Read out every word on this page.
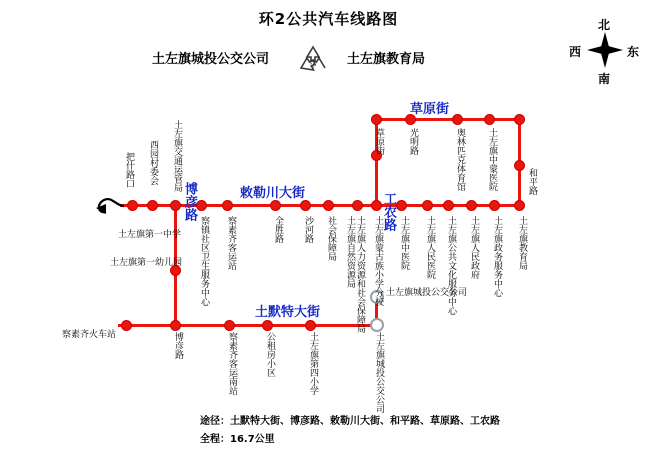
环2公共汽车线路图
土左旗城投公交公司	土左旗教育局
环
北
南
东
西
博彦路	敕勒川大街
土默特大街
草原街
工农路
把什路口 西园村委会 土左旗交通运管局
土左旗第一中学
土左旗第一幼儿园 察镇社区卫生服务中心 察素齐客运站	全胜路 沙河路 社会保障局 土左旗人力资源和社会保障局
土左旗自然资源局 土左旗蒙古族小学分校 土左旗中医院 土左旗人民医院 土左旗公共文化服务中心 土左旗人民政府 土左旗政务服务中心 土左旗教育局
草原街	光明路	奥林匹克体育馆 土左旗中蒙医院	和平路
察素齐火车站	博彦路	察素齐客运南站	公租房小区	土左旗第四小学	土左旗城投公交公司
土左旗城投公交公司
途径：土默特大街、博彦路、敕勒川大街、和平路、草原路、工农路
全程：16.7公里
